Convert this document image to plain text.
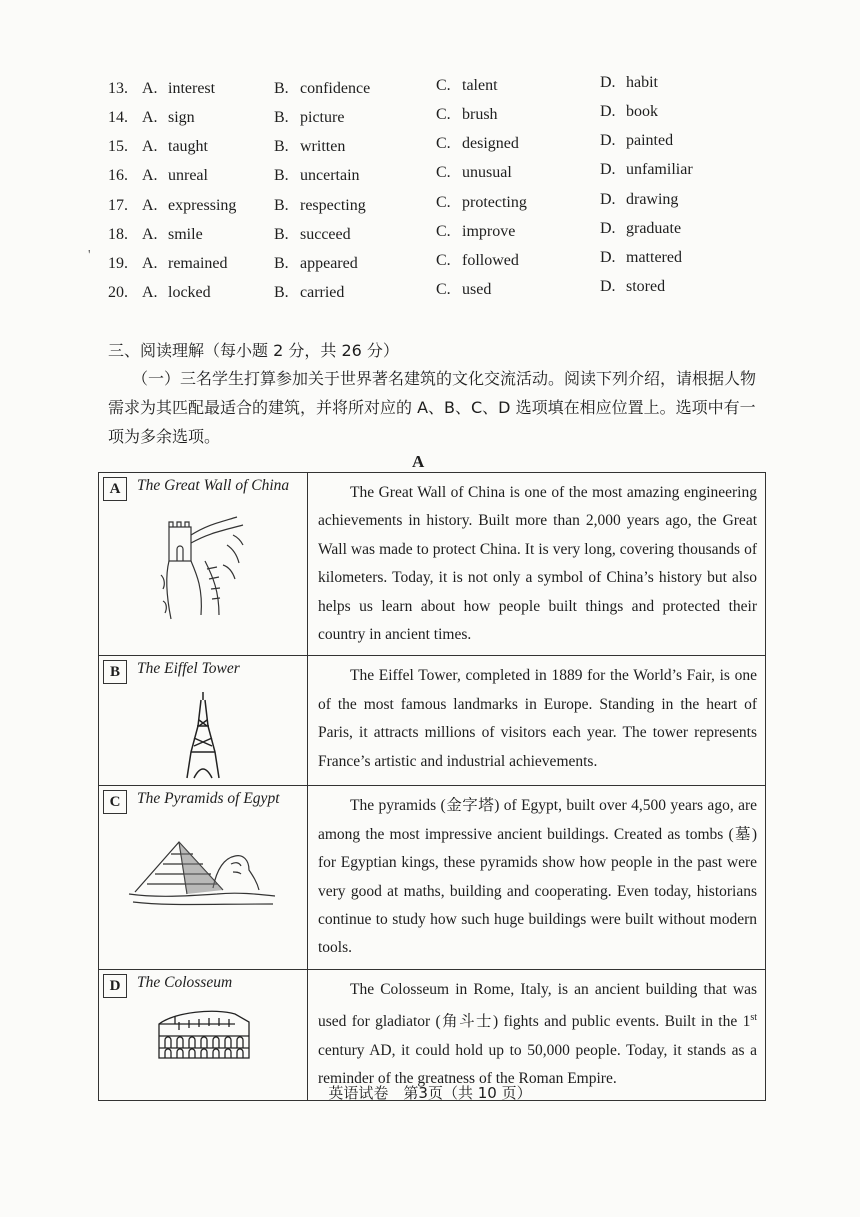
13. A. interest	B. confidence	C. talent	D. habit
14. A. sign	B. picture	C. brush	D. book
15. A. taught	B. written	C. designed	D. painted
16. A. unreal	B. uncertain	C. unusual	D. unfamiliar
17. A. expressing B. respecting	C. protecting	D. drawing
18. A. smile	B. succeed	C. improve	D. graduate
19. A. remained	B. appeared	C. followed	D. mattered
20. A. locked	B. carried	C. used	D. stored
'
三、阅读理解（每小题 2 分，共 26 分）
（一）三名学生打算参加关于世界著名建筑的文化交流活动。阅读下列介绍，请根据人物需求为其匹配最适合的建筑，并将所对应的 A、B、C、D 选项填在相应位置上。选项中有一项为多余选项。
A
A The Great Wall of China	The Great Wall of China is one of the most amazing engineering achievements in history. Built more than 2,000 years ago, the Great Wall was made to protect China. It is very long, covering thousands of kilometers. Today, it is not only a symbol of China’s history but also helps us learn about how people built things and protected their country in ancient times.

B The Eiffel Tower	The Eiffel Tower, completed in 1889 for the World’s Fair, is one of the most famous landmarks in Europe. Standing in the heart of Paris, it attracts millions of visitors each year. The tower represents France’s artistic and industrial achievements.

C The Pyramids of Egypt	The pyramids (金字塔) of Egypt, built over 4,500 years ago, are among the most impressive ancient buildings. Created as tombs (墓) for Egyptian kings, these pyramids show how people in the past were very good at maths, building and cooperating. Even today, historians continue to study how such huge buildings were built without modern tools.

D The Colosseum	The Colosseum in Rome, Italy, is an ancient building that was used for gladiator (角斗士) fights and public events. Built in the 1st century AD, it could hold up to 50,000 people. Today, it stands as a reminder of the greatness of the Roman Empire.

英语试卷　第3页（共 10 页）
